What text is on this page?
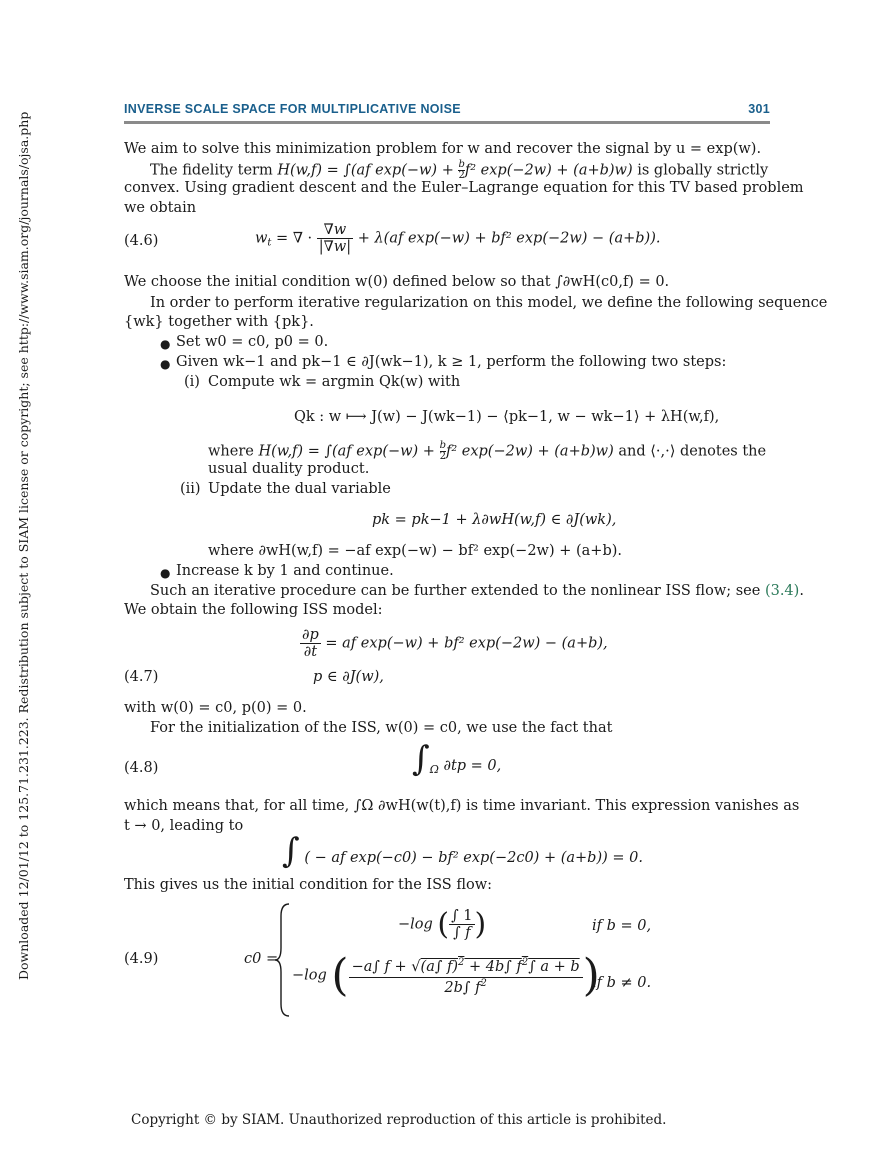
INVERSE SCALE SPACE FOR MULTIPLICATIVE NOISE	301
Downloaded 12/01/12 to 125.71.231.223. Redistribution subject to SIAM license or copyright; see http://www.siam.org/journals/ojsa.php	We aim to solve this minimization problem for w and recover the signal by u = exp(w).
The fidelity term H(w,f) = ∫(af $\exp(-w) + \frac{b}{2}f^2$ exp(−2w) + (a+b)w) is globally strictly
convex. Using gradient descent and the Euler–Lagrange equation for this TV based problem
we obtain
(4.6)	$w_t$ = ∇ · $\frac{\nabla w}{|\nabla w|} + \lambda(af$ exp(−w) + bf² exp(−2w) − (a+b)).
We choose the initial condition w(0) defined below so that ∫∂wH(c0,f) = 0.
In order to perform iterative regularization on this model, we define the following sequence
{wk} together with {pk}.
● Set w0 = c0, p0 = 0.
● Given wk−1 and pk−1 ∈ ∂J(wk−1), k ≥ 1, perform the following two steps:
(i) Compute wk = argmin Qk(w) with
Qk : w ⟼ J(w) − J(wk−1) − ⟨pk−1, w − wk−1⟩ + λH(w,f),
where H(w,f) = ∫(af $\exp(-w) + \frac{b}{2}f^2$ exp(−2w) + (a+b)w) and ⟨·,·⟩ denotes the
usual duality product.
(ii) Update the dual variable
pk = pk−1 + λ∂wH(w,f) ∈ ∂J(wk),
where ∂wH(w,f) = −af exp(−w) − bf² exp(−2w) + (a+b).
● Increase k by 1 and continue.
Such an iterative procedure can be further extended to the nonlinear ISS flow; see (3.4).
We obtain the following ISS model:
$\frac{\partial p}{\partial t}$ = af exp(−w) + bf² exp(−2w) − (a+b),
(4.7)	p ∈ ∂J(w),
with w(0) = c0, p(0) = 0.
For the initialization of the ISS, w(0) = c0, we use the fact that
(4.8)	$\int_\Omega$ ∂tp = 0,
which means that, for all time, ∫Ω ∂wH(w(t),f) is time invariant. This expression vanishes as
t → 0, leading to
∫ ( − af exp(−c0) − bf² exp(−2c0) + (a+b)) = 0.
This gives us the initial condition for the ISS flow:
(4.9)	c0 =
−log ( $\frac{\int 1}{\int f}$ )	if b = 0,
−log ( $\frac{-a\int f + √(a\int f)^2 + 4b\int f^2\int a + b}{2b\int f^2}$ )
if b ≠ 0.
Copyright © by SIAM. Unauthorized reproduction of this article is prohibited.
